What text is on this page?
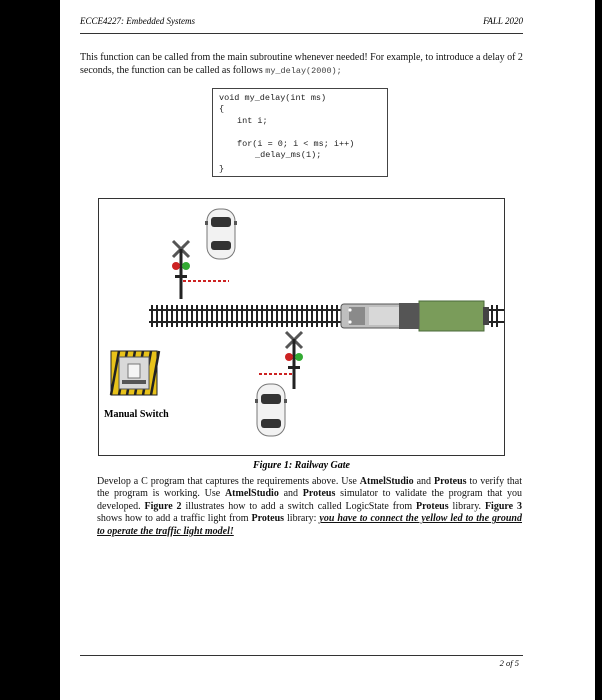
ECCE4227: Embedded Systems	FALL 2020
This function can be called from the main subroutine whenever needed! For example, to introduce a delay of 2 seconds, the function can be called as follows my_delay(2000);
void my_delay(int ms)
{
int i;
for(i = 0; i < ms; i++)
_delay_ms(1);
}
Manual Switch
Figure 1: Railway Gate
Develop a C program that captures the requirements above. Use AtmelStudio and Proteus to verify that the program is working. Use AtmelStudio and Proteus simulator to validate the program that you developed. Figure 2 illustrates how to add a switch called LogicState from Proteus library. Figure 3 shows how to add a traffic light from Proteus library: you have to connect the yellow led to the ground to operate the traffic light model!
2 of 5
